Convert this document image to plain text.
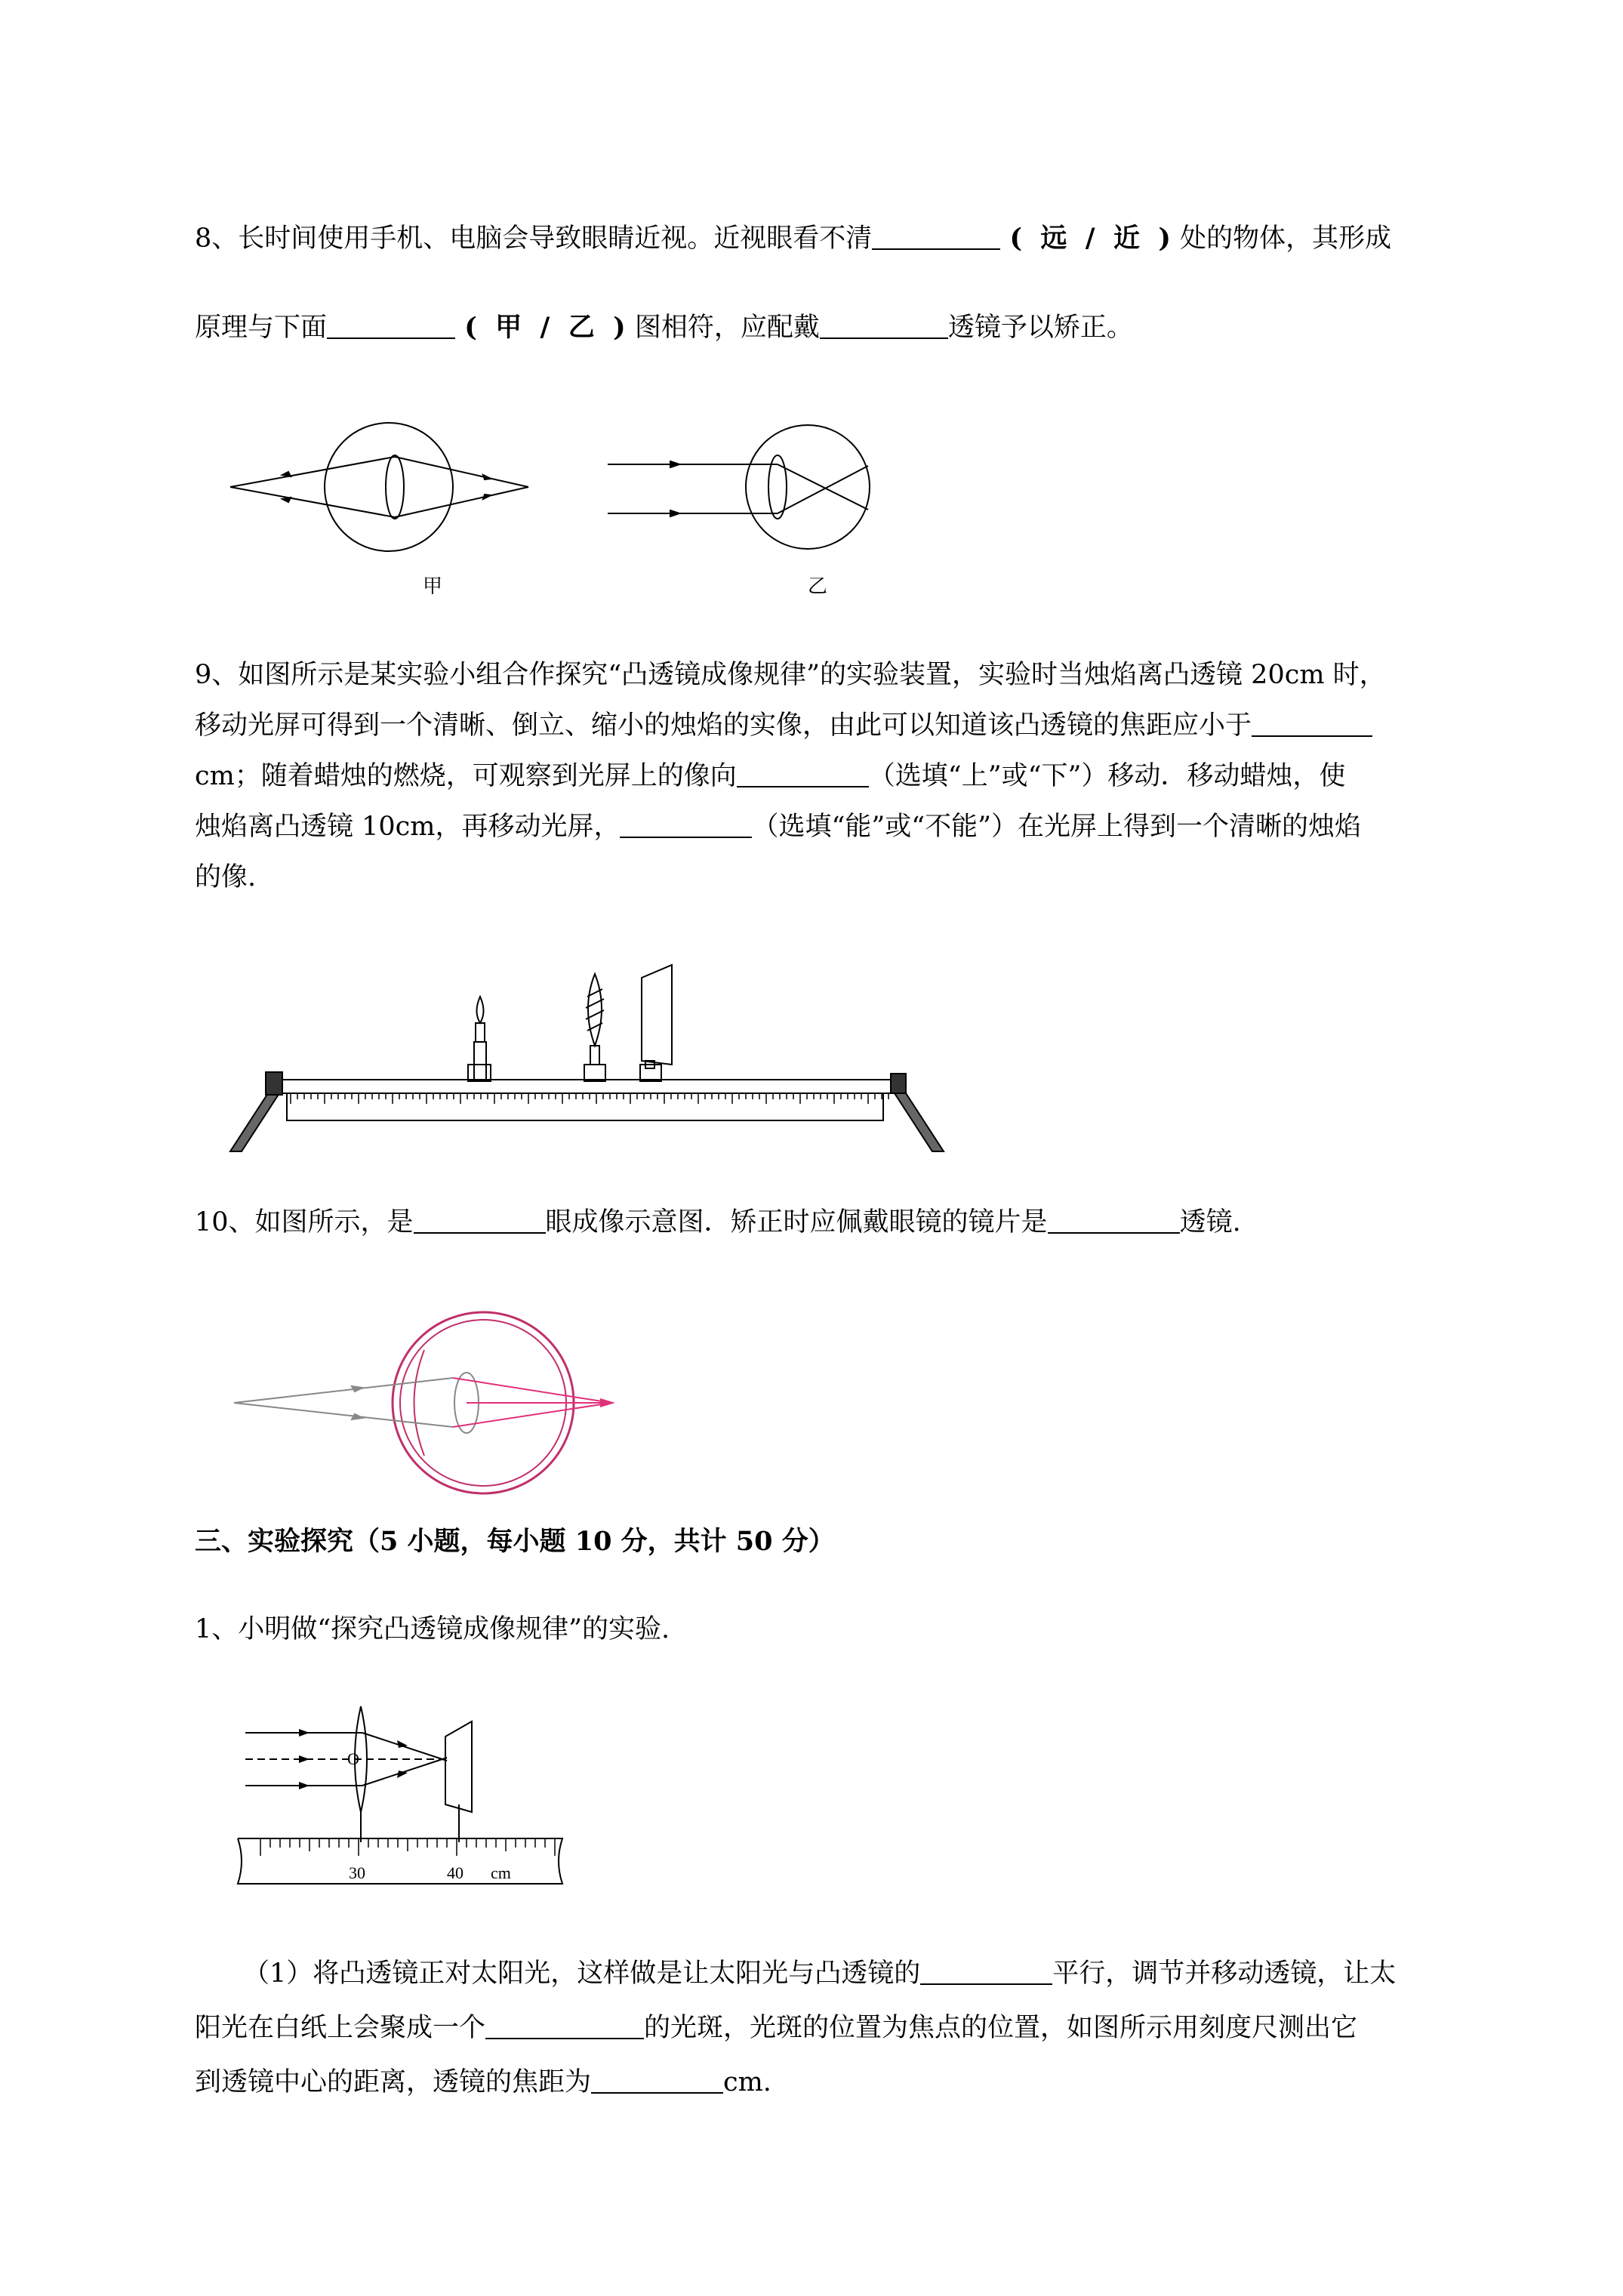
8、长时间使用手机、电脑会导致眼睛近视。近视眼看不清	(  远  /  近  ) 处的物体，其形成
原理与下面	(  甲  /  乙  ) 图相符，应配戴	透镜予以矫正。
甲	乙
9、如图所示是某实验小组合作探究“凸透镜成像规律”的实验装置，实验时当烛焰离凸透镜 20cm 时，
移动光屏可得到一个清晰、倒立、缩小的烛焰的实像，由此可以知道该凸透镜的焦距应小于
cm；随着蜡烛的燃烧，可观察到光屏上的像向	（选填“上”或“下”）移动．移动蜡烛，使
烛焰离凸透镜 10cm，再移动光屏，	（选填“能”或“不能”）在光屏上得到一个清晰的烛焰
的像.
10、如图所示，是	眼成像示意图．矫正时应佩戴眼镜的镜片是	透镜.
三、实验探究（5 小题，每小题 10 分，共计 50 分）
1、小明做“探究凸透镜成像规律”的实验.
O
30	40 cm
（1）将凸透镜正对太阳光，这样做是让太阳光与凸透镜的	平行，调节并移动透镜，让太
阳光在白纸上会聚成一个	的光斑，光斑的位置为焦点的位置，如图所示用刻度尺测出它
到透镜中心的距离，透镜的焦距为	cm.
